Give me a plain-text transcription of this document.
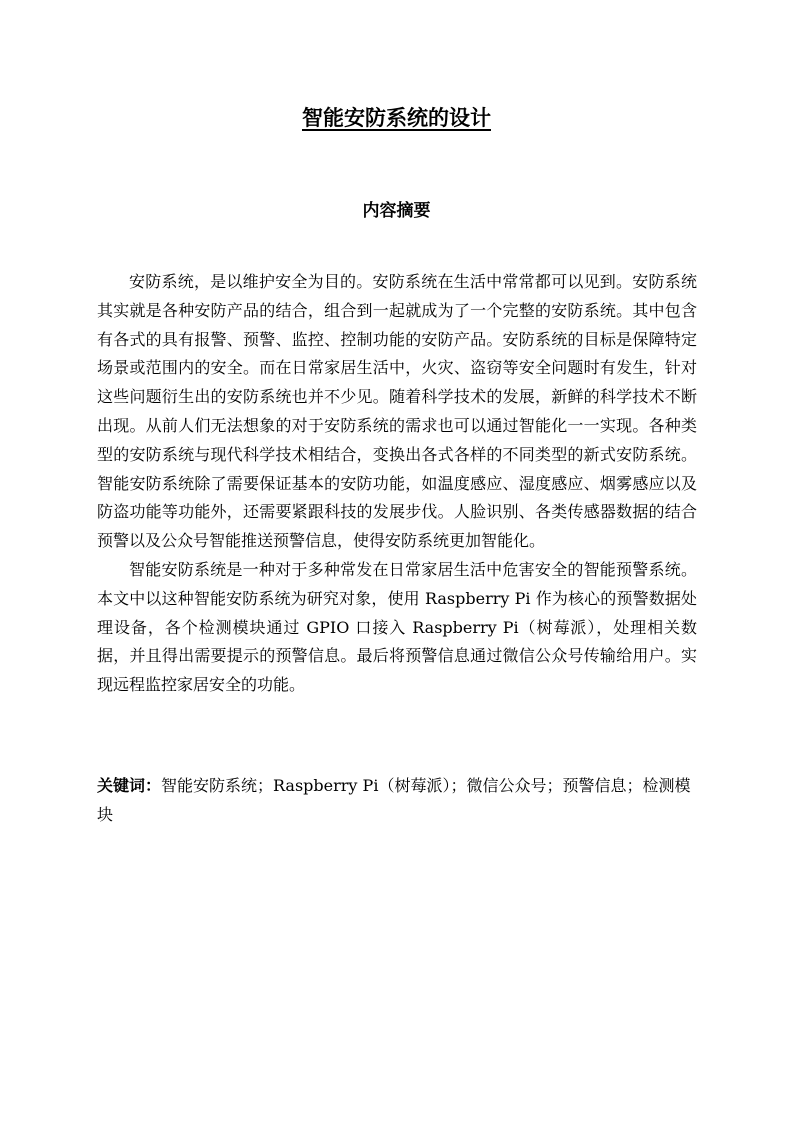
智能安防系统的设计
内容摘要

安防系统，是以维护安全为目的。安防系统在生活中常常都可以见到。安防系统其实就是各种安防产品的结合，组合到一起就成为了一个完整的安防系统。其中包含有各式的具有报警、预警、监控、控制功能的安防产品。安防系统的目标是保障特定场景或范围内的安全。而在日常家居生活中，火灾、盗窃等安全问题时有发生，针对这些问题衍生出的安防系统也并不少见。随着科学技术的发展，新鲜的科学技术不断出现。从前人们无法想象的对于安防系统的需求也可以通过智能化一一实现。各种类型的安防系统与现代科学技术相结合，变换出各式各样的不同类型的新式安防系统。智能安防系统除了需要保证基本的安防功能，如温度感应、湿度感应、烟雾感应以及防盗功能等功能外，还需要紧跟科技的发展步伐。人脸识别、各类传感器数据的结合预警以及公众号智能推送预警信息，使得安防系统更加智能化。

智能安防系统是一种对于多种常发在日常家居生活中危害安全的智能预警系统。本文中以这种智能安防系统为研究对象，使用 Raspberry Pi 作为核心的预警数据处理设备，各个检测模块通过 GPIO 口接入 Raspberry Pi（树莓派），处理相关数据，并且得出需要提示的预警信息。最后将预警信息通过微信公众号传输给用户。实现远程监控家居安全的功能。

关键词：智能安防系统；Raspberry Pi（树莓派）；微信公众号；预警信息；检测模块
